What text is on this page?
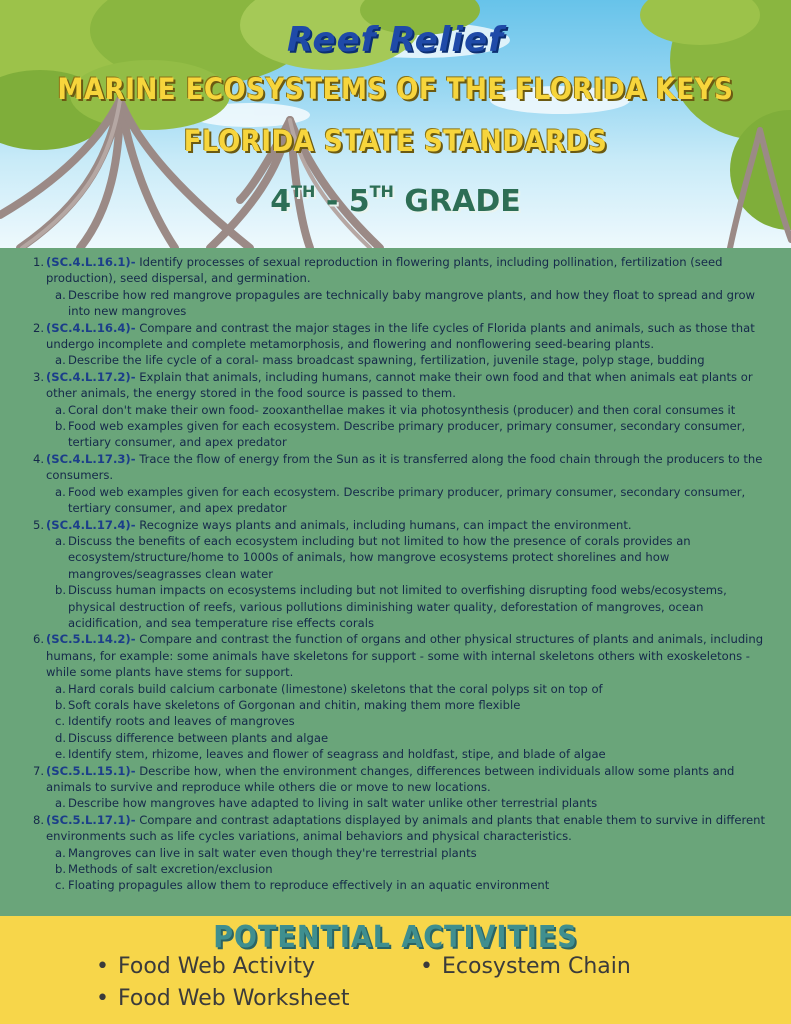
Reef Relief
MARINE ECOSYSTEMS OF THE FLORIDA KEYS
FLORIDA STATE STANDARDS
4TH - 5TH GRADE
(SC.4.L.16.1)- Identify processes of sexual reproduction in flowering plants, including pollination, fertilization (seed production), seed dispersal, and germination.
Describe how red mangrove propagules are technically baby mangrove plants, and how they float to spread and grow into new mangroves
(SC.4.L.16.4)- Compare and contrast the major stages in the life cycles of Florida plants and animals, such as those that undergo incomplete and complete metamorphosis, and flowering and nonflowering seed-bearing plants.
Describe the life cycle of a coral- mass broadcast spawning, fertilization, juvenile stage, polyp stage, budding
(SC.4.L.17.2)- Explain that animals, including humans, cannot make their own food and that when animals eat plants or other animals, the energy stored in the food source is passed to them.
Coral don't make their own food- zooxanthellae makes it via photosynthesis (producer) and then coral consumes it
Food web examples given for each ecosystem. Describe primary producer, primary consumer, secondary consumer, tertiary consumer, and apex predator
(SC.4.L.17.3)- Trace the flow of energy from the Sun as it is transferred along the food chain through the producers to the consumers.
Food web examples given for each ecosystem. Describe primary producer, primary consumer, secondary consumer, tertiary consumer, and apex predator
(SC.4.L.17.4)- Recognize ways plants and animals, including humans, can impact the environment.
Discuss the benefits of each ecosystem including but not limited to how the presence of corals provides an ecosystem/structure/home to 1000s of animals, how mangrove ecosystems protect shorelines and how mangroves/seagrasses clean water
Discuss human impacts on ecosystems including but not limited to overfishing disrupting food webs/ecosystems, physical destruction of reefs, various pollutions diminishing water quality, deforestation of mangroves, ocean acidification, and sea temperature rise effects corals
(SC.5.L.14.2)- Compare and contrast the function of organs and other physical structures of plants and animals, including humans, for example: some animals have skeletons for support - some with internal skeletons others with exoskeletons - while some plants have stems for support.
Hard corals build calcium carbonate (limestone) skeletons that the coral polyps sit on top of
Soft corals have skeletons of Gorgonan and chitin, making them more flexible
Identify roots and leaves of mangroves
Discuss difference between plants and algae
Identify stem, rhizome, leaves and flower of seagrass and holdfast, stipe, and blade of algae
(SC.5.L.15.1)- Describe how, when the environment changes, differences between individuals allow some plants and animals to survive and reproduce while others die or move to new locations.
Describe how mangroves have adapted to living in salt water unlike other terrestrial plants
(SC.5.L.17.1)- Compare and contrast adaptations displayed by animals and plants that enable them to survive in different environments such as life cycles variations, animal behaviors and physical characteristics.
Mangroves can live in salt water even though they're terrestrial plants
Methods of salt excretion/exclusion
Floating propagules allow them to reproduce effectively in an aquatic environment
POTENTIAL ACTIVITIES
• Food Web Activity	• Ecosystem Chain
• Food Web Worksheet
